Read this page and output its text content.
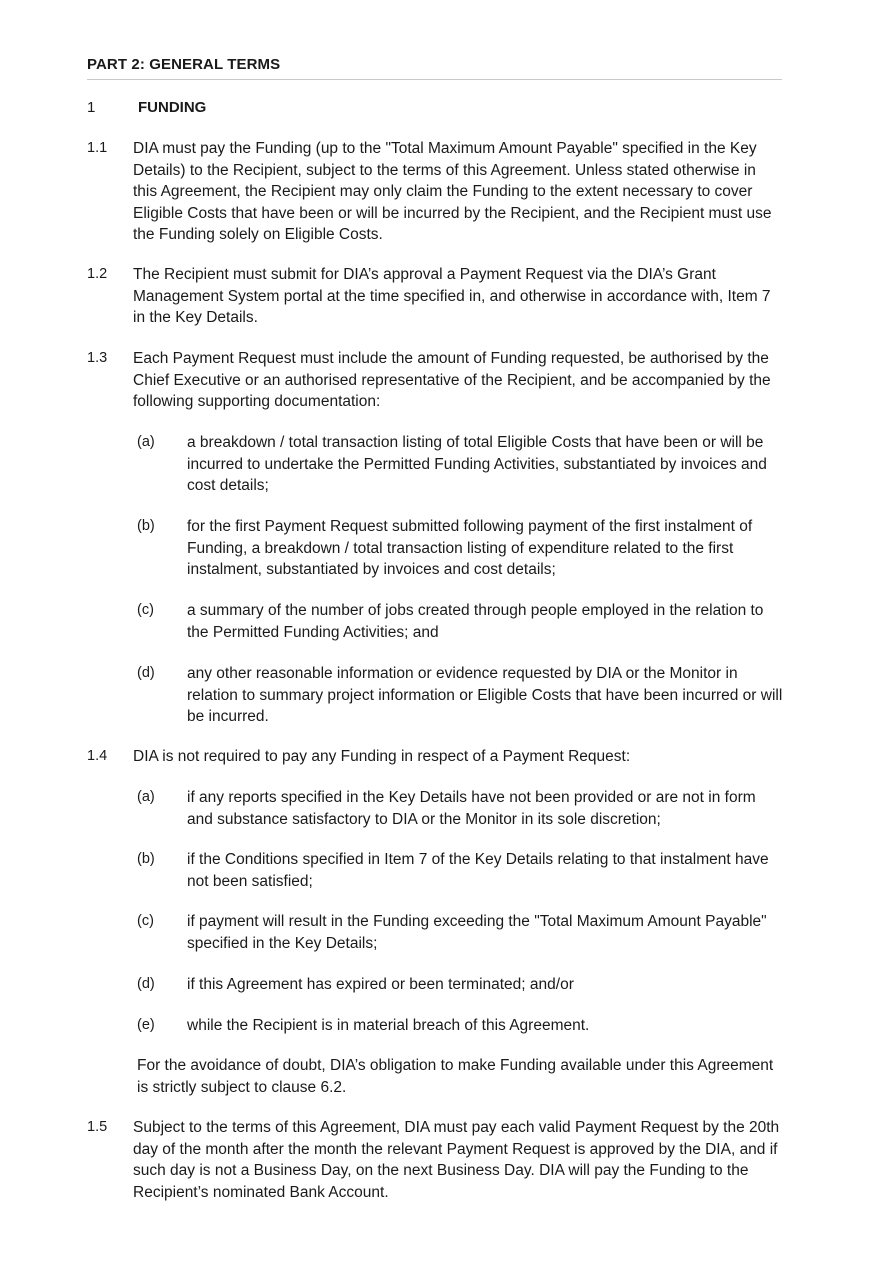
PART 2: GENERAL TERMS
1	FUNDING
1.1	DIA must pay the Funding (up to the "Total Maximum Amount Payable" specified in the Key Details) to the Recipient, subject to the terms of this Agreement. Unless stated otherwise in this Agreement, the Recipient may only claim the Funding to the extent necessary to cover Eligible Costs that have been or will be incurred by the Recipient, and the Recipient must use the Funding solely on Eligible Costs.
1.2	The Recipient must submit for DIA’s approval a Payment Request via the DIA’s Grant Management System portal at the time specified in, and otherwise in accordance with, Item 7 in the Key Details.
1.3	Each Payment Request must include the amount of Funding requested, be authorised by the Chief Executive or an authorised representative of the Recipient, and be accompanied by the following supporting documentation:
(a)	a breakdown / total transaction listing of total Eligible Costs that have been or will be incurred to undertake the Permitted Funding Activities, substantiated by invoices and cost details;
(b)	for the first Payment Request submitted following payment of the first instalment of Funding, a breakdown / total transaction listing of expenditure related to the first instalment, substantiated by invoices and cost details;
(c)	a summary of the number of jobs created through people employed in the relation to the Permitted Funding Activities; and
(d)	any other reasonable information or evidence requested by DIA or the Monitor in relation to summary project information or Eligible Costs that have been incurred or will be incurred.
1.4	DIA is not required to pay any Funding in respect of a Payment Request:
(a)	if any reports specified in the Key Details have not been provided or are not in form and substance satisfactory to DIA or the Monitor in its sole discretion;
(b)	if the Conditions specified in Item 7 of the Key Details relating to that instalment have not been satisfied;
(c)	if payment will result in the Funding exceeding the "Total Maximum Amount Payable" specified in the Key Details;
(d)	if this Agreement has expired or been terminated; and/or
(e)	while the Recipient is in material breach of this Agreement.
For the avoidance of doubt, DIA’s obligation to make Funding available under this Agreement is strictly subject to clause 6.2.
1.5	Subject to the terms of this Agreement, DIA must pay each valid Payment Request by the 20th day of the month after the month the relevant Payment Request is approved by the DIA, and if such day is not a Business Day, on the next Business Day. DIA will pay the Funding to the Recipient’s nominated Bank Account.
